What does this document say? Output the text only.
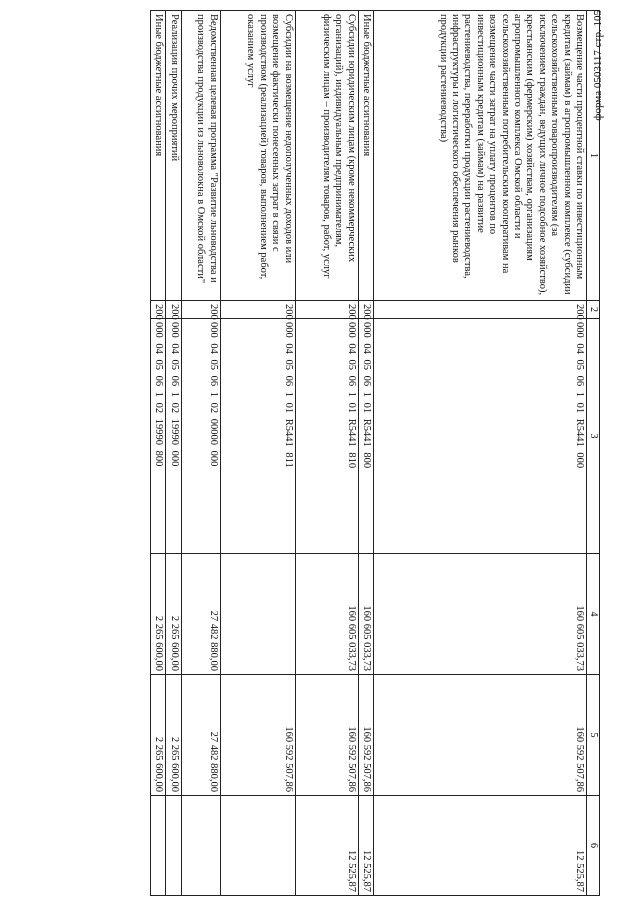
форма 0503117 стр. 105
1	2	3	4	5	6
Возмещение части процентной ставки по инвестиционным кредитам (займам) в агропромышленном комплексе (субсидии сельскохозяйственным товаропроизводителям (за исключением граждан, ведущих личное подсобное хозяйство), крестьянским (фермерским) хозяйствам, организациям агропромышленного комплекса Омской области и сельскохозяйственным потребительским кооперативам на возмещение части затрат на уплату процентов по инвестиционным кредитам (займам) на развитие растениеводства, переработки продукции растениеводства, инфраструктуры и логистического обеспечения рынков продукции растениеводства)	200	000 04 05 06 1 01 R5441 000	160 605 033,73	160 592 507,86	12 525,87
Иные бюджетные ассигнования	200	000 04 05 06 1 01 R5441 800	160 605 033,73	160 592 507,86	12 525,87
Субсидии юридическим лицам (кроме некоммерческих организаций), индивидуальным предпринимателям, физическим лицам – производителям товаров, работ, услуг	200	000 04 05 06 1 01 R5441 810	160 605 033,73	160 592 507,86	12 525,87
Субсидии на возмещение недополученных доходов или возмещение фактически понесенных затрат в связи с производством (реализацией) товаров, выполнением работ, оказанием услуг	200	000 04 05 06 1 01 R5441 811		160 592 507,86	
Ведомственная целевая программа "Развитие льноводства и производства продукции из льноволокна в Омской области"	200	000 04 05 06 1 02 00000 000	27 482 880,00	27 482 880,00	
Реализация прочих мероприятий	200	000 04 05 06 1 02 19990 000	2 265 600,00	2 265 600,00	
Иные бюджетные ассигнования	200	000 04 05 06 1 02 19990 800	2 265 600,00	2 265 600,00	
